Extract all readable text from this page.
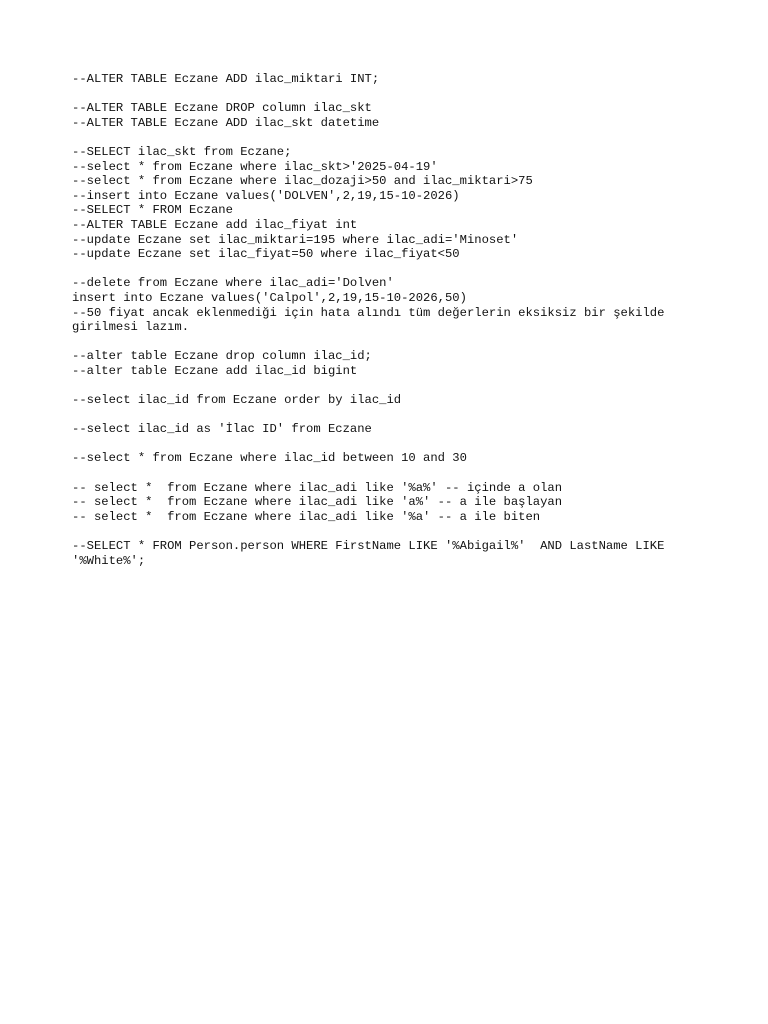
--ALTER TABLE Eczane ADD ilac_miktari INT;
--ALTER TABLE Eczane DROP column ilac_skt
--ALTER TABLE Eczane ADD ilac_skt datetime
--SELECT ilac_skt from Eczane;
--select * from Eczane where ilac_skt>'2025-04-19'
--select * from Eczane where ilac_dozaji>50 and ilac_miktari>75
--insert into Eczane values('DOLVEN',2,19,15-10-2026)
--SELECT * FROM Eczane
--ALTER TABLE Eczane add ilac_fiyat int
--update Eczane set ilac_miktari=195 where ilac_adi='Minoset'
--update Eczane set ilac_fiyat=50 where ilac_fiyat<50
--delete from Eczane where ilac_adi='Dolven'
insert into Eczane values('Calpol',2,19,15-10-2026,50)
--50 fiyat ancak eklenmediği için hata alındı tüm değerlerin eksiksiz bir şekilde
girilmesi lazım.
--alter table Eczane drop column ilac_id;
--alter table Eczane add ilac_id bigint
--select ilac_id from Eczane order by ilac_id
--select ilac_id as 'İlac ID' from Eczane
--select * from Eczane where ilac_id between 10 and 30
-- select *  from Eczane where ilac_adi like '%a%' -- içinde a olan
-- select *  from Eczane where ilac_adi like 'a%' -- a ile başlayan
-- select *  from Eczane where ilac_adi like '%a' -- a ile biten
--SELECT * FROM Person.person WHERE FirstName LIKE '%Abigail%'  AND LastName LIKE
'%White%';
